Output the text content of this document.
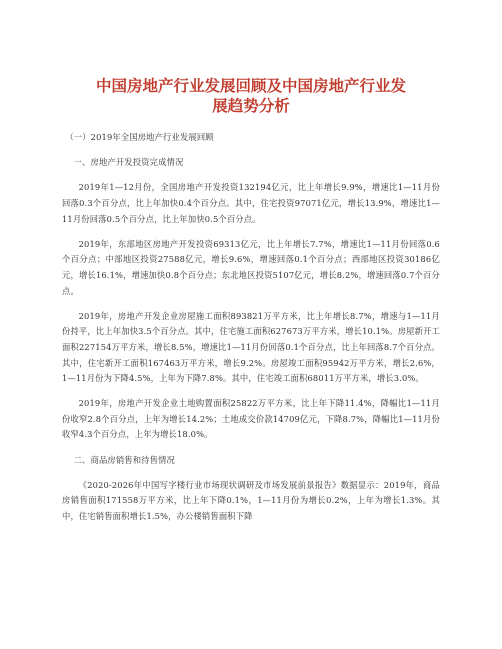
中国房地产行业发展回顾及中国房地产行业发
展趋势分析

（一）2019年全国房地产行业发展回顾

一、房地产开发投资完成情况

2019年1—12月份，全国房地产开发投资132194亿元，比上年增长9.9%，增速比1—11月份回落0.3个百分点，比上年加快0.4个百分点。其中，住宅投资97071亿元，增长13.9%，增速比1—11月份回落0.5个百分点，比上年加快0.5个百分点。

2019年，东部地区房地产开发投资69313亿元，比上年增长7.7%，增速比1—11月份回落0.6个百分点；中部地区投资27588亿元，增长9.6%，增速回落0.1个百分点；西部地区投资30186亿元，增长16.1%，增速加快0.8个百分点；东北地区投资5107亿元，增长8.2%，增速回落0.7个百分点。

2019年，房地产开发企业房屋施工面积893821万平方米，比上年增长8.7%，增速与1—11月份持平，比上年加快3.5个百分点。其中，住宅施工面积627673万平方米，增长10.1%。房屋新开工面积227154万平方米，增长8.5%，增速比1—11月份回落0.1个百分点，比上年回落8.7个百分点。其中，住宅新开工面积167463万平方米，增长9.2%。房屋竣工面积95942万平方米，增长2.6%，1—11月份为下降4.5%，上年为下降7.8%。其中，住宅竣工面积68011万平方米，增长3.0%。

2019年，房地产开发企业土地购置面积25822万平方米，比上年下降11.4%，降幅比1—11月份收窄2.8个百分点，上年为增长14.2%；土地成交价款14709亿元，下降8.7%，降幅比1—11月份收窄4.3个百分点，上年为增长18.0%。

二、商品房销售和待售情况

《2020-2026年中国写字楼行业市场现状调研及市场发展前景报告》数据显示：2019年，商品房销售面积171558万平方米，比上年下降0.1%，1—11月份为增长0.2%，上年为增长1.3%。其中，住宅销售面积增长1.5%，办公楼销售面积下降
